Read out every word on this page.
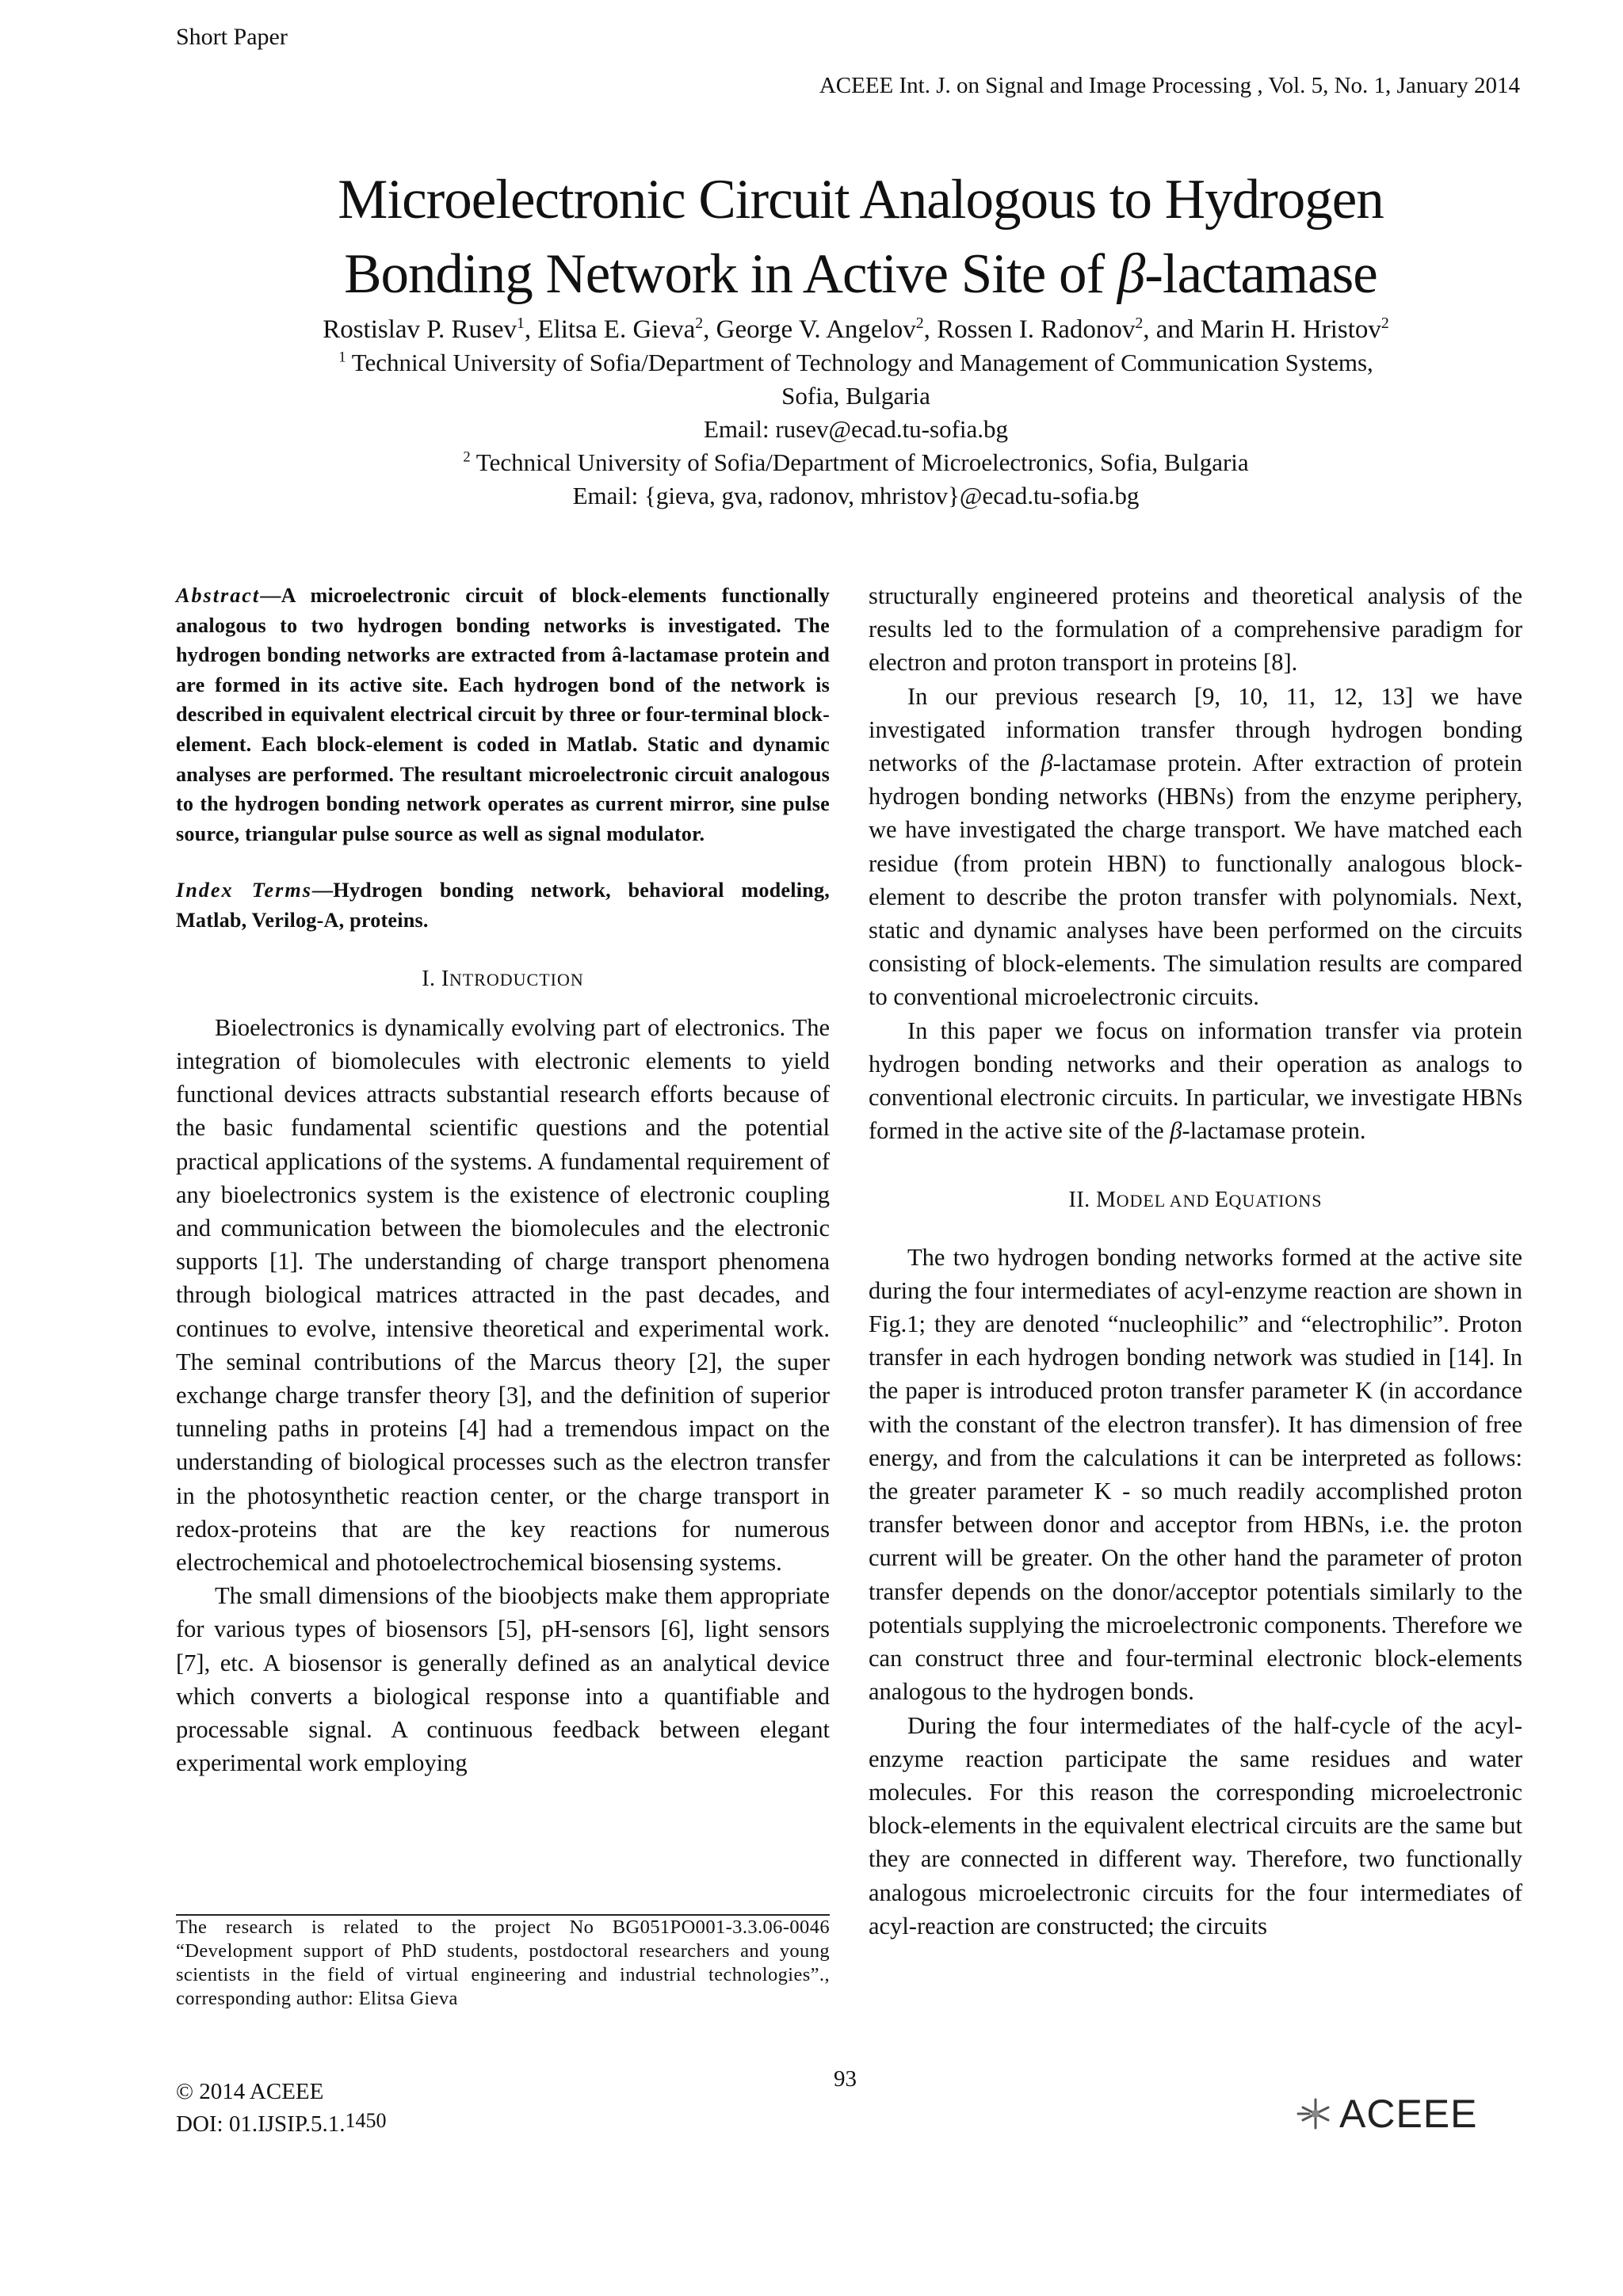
Short Paper
ACEEE Int. J. on Signal and Image Processing , Vol. 5, No. 1, January 2014
Microelectronic Circuit Analogous to Hydrogen
Bonding Network in Active Site of β-lactamase
Rostislav P. Rusev$^1$, Elitsa E. Gieva$^2$, George V. Angelov$^2$, Rossen I. Radonov$^2$, and Marin H. Hristov$^2$
$^1$ Technical University of Sofia/Department of Technology and Management of Communication Systems,
Sofia, Bulgaria
Email: rusev@ecad.tu-sofia.bg
$^2$ Technical University of Sofia/Department of Microelectronics, Sofia, Bulgaria
Email: {gieva, gva, radonov, mhristov}@ecad.tu-sofia.bg

Abstract—A microelectronic circuit of block-elements functionally analogous to two hydrogen bonding networks is investigated. The hydrogen bonding networks are extracted from â-lactamase protein and are formed in its active site. Each hydrogen bond of the network is described in equivalent electrical circuit by three or four-terminal block-element. Each block-element is coded in Matlab. Static and dynamic analyses are performed. The resultant microelectronic circuit analogous to the hydrogen bonding network operates as current mirror, sine pulse source, triangular pulse source as well as signal modulator.

Index Terms—Hydrogen bonding network, behavioral modeling, Matlab, Verilog-A, proteins.

I. INTRODUCTION

Bioelectronics is dynamically evolving part of electronics. The integration of biomolecules with electronic elements to yield functional devices attracts substantial research efforts because of the basic fundamental scientific questions and the potential practical applications of the systems. A fundamental requirement of any bioelectronics system is the existence of electronic coupling and communication between the biomolecules and the electronic supports [1]. The understanding of charge transport phenomena through biological matrices attracted in the past decades, and continues to evolve, intensive theoretical and experimental work. The seminal contributions of the Marcus theory [2], the super exchange charge transfer theory [3], and the definition of superior tunneling paths in proteins [4] had a tremendous impact on the understanding of biological processes such as the electron transfer in the photosynthetic reaction center, or the charge transport in redox-proteins that are the key reactions for numerous electrochemical and photoelectrochemical biosensing systems.

The small dimensions of the bioobjects make them appropriate for various types of biosensors [5], pH-sensors [6], light sensors [7], etc. A biosensor is generally defined as an analytical device which converts a biological response into a quantifiable and processable signal. A continuous feedback between elegant experimental work employing

structurally engineered proteins and theoretical analysis of the results led to the formulation of a comprehensive paradigm for electron and proton transport in proteins [8].

In our previous research [9, 10, 11, 12, 13] we have investigated information transfer through hydrogen bonding networks of the β-lactamase protein. After extraction of protein hydrogen bonding networks (HBNs) from the enzyme periphery, we have investigated the charge transport. We have matched each residue (from protein HBN) to functionally analogous block-element to describe the proton transfer with polynomials. Next, static and dynamic analyses have been performed on the circuits consisting of block-elements. The simulation results are compared to conventional microelectronic circuits.

In this paper we focus on information transfer via protein hydrogen bonding networks and their operation as analogs to conventional electronic circuits. In particular, we investigate HBNs formed in the active site of the β-lactamase protein.

II. MODEL AND EQUATIONS

The two hydrogen bonding networks formed at the active site during the four intermediates of acyl-enzyme reaction are shown in Fig.1; they are denoted “nucleophilic” and “electrophilic”. Proton transfer in each hydrogen bonding network was studied in [14]. In the paper is introduced proton transfer parameter K (in accordance with the constant of the electron transfer). It has dimension of free energy, and from the calculations it can be interpreted as follows: the greater parameter K - so much readily accomplished proton transfer between donor and acceptor from HBNs, i.e. the proton current will be greater. On the other hand the parameter of proton transfer depends on the donor/acceptor potentials similarly to the potentials supplying the microelectronic components. Therefore we can construct three and four-terminal electronic block-elements analogous to the hydrogen bonds.

During the four intermediates of the half-cycle of the acyl-enzyme reaction participate the same residues and water molecules. For this reason the corresponding microelectronic block-elements in the equivalent electrical circuits are the same but they are connected in different way. Therefore, two functionally analogous microelectronic circuits for the four intermediates of acyl-reaction are constructed; the circuits

The research is related to the project No BG051PO001-3.3.06-0046 “Development support of PhD students, postdoctoral researchers and young scientists in the field of virtual engineering and industrial technologies”., corresponding author: Elitsa Gieva
93
© 2014 ACEEE
DOI: 01.IJSIP.5.1.1450	ACEEE
